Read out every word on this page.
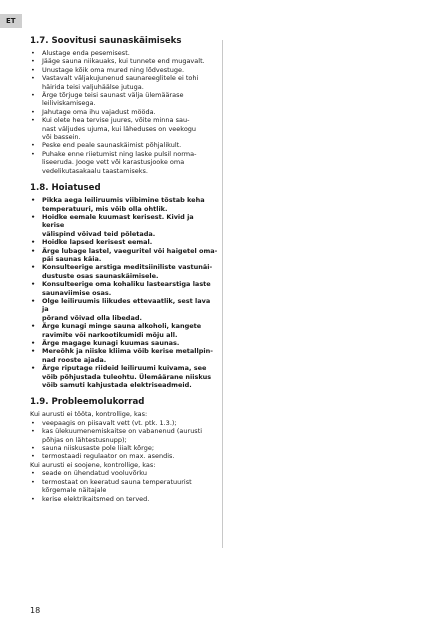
ET
1.7. Soovitusi saunaskäimiseks
• Alustage enda pesemisest.
• Jääge sauna niikauaks, kui tunnete end mugavalt.
• Unustage kõik oma mured ning lõdvestuge.
• Vastavalt väljakujunenud saunareeglitele ei tohi
häirida teisi valjuhäälse jutuga.
• Ärge tõrjuge teisi saunast välja ülemäärase
leiliviskamisega.
• Jahutage oma ihu vajadust mööda.
• Kui olete hea tervise juures, võite minna sau-
nast väljudes ujuma, kui läheduses on veekogu
või bassein.
• Peske end peale saunaskäimist põhjalikult.
• Puhake enne riietumist ning laske pulsil norma-
liseeruda. Jooge vett või karastusjooke oma
vedelikutasakaalu taastamiseks.
1.8. Hoiatused
• Pikka aega leiliruumis viibimine tõstab keha
temperatuuri, mis võib olla ohtlik.
• Hoidke eemale kuumast kerisest. Kivid ja kerise
välispind võivad teid põletada.
• Hoidke lapsed kerisest eemal.
• Ärge lubage lastel, vaeguritel või haigetel oma-
päi saunas käia.
• Konsulteerige arstiga meditsiiniliste vastunäi-
dustuste osas saunaskäimisele.
• Konsulteerige oma kohaliku lastearstiga laste
saunaviimise osas.
• Olge leiliruumis liikudes ettevaatlik, sest lava ja
põrand võivad olla libedad.
• Ärge kunagi minge sauna alkoholi, kangete
ravimite või narkootikumidi mõju all.
• Ärge magage kunagi kuumas saunas.
• Mereõhk ja niiske kliima võib kerise metallpin-
nad rooste ajada.
• Ärge riputage riideid leiliruumi kuivama, see
võib põhjustada tuleohtu. Ülemäärane niiskus
võib samuti kahjustada elektriseadmeid.
1.9. Probleemolukorrad

Kui aurusti ei tööta, kontrollige, kas:

• veepaagis on piisavalt vett (vt. ptk. 1.3.);
• kas ülekuumenemiskaitse on vabanenud (aurusti
põhjas on lähtestusnupp);
• sauna niiskusaste pole liialt kõrge;
• termostaadi regulaator on max. asendis.

Kui aurusti ei soojene, kontrollige, kas:

• seade on ühendatud vooluvõrku
• termostaat on keeratud sauna temperatuurist
kõrgemale näitajale
• kerise elektrikaitsmed on terved.
18
